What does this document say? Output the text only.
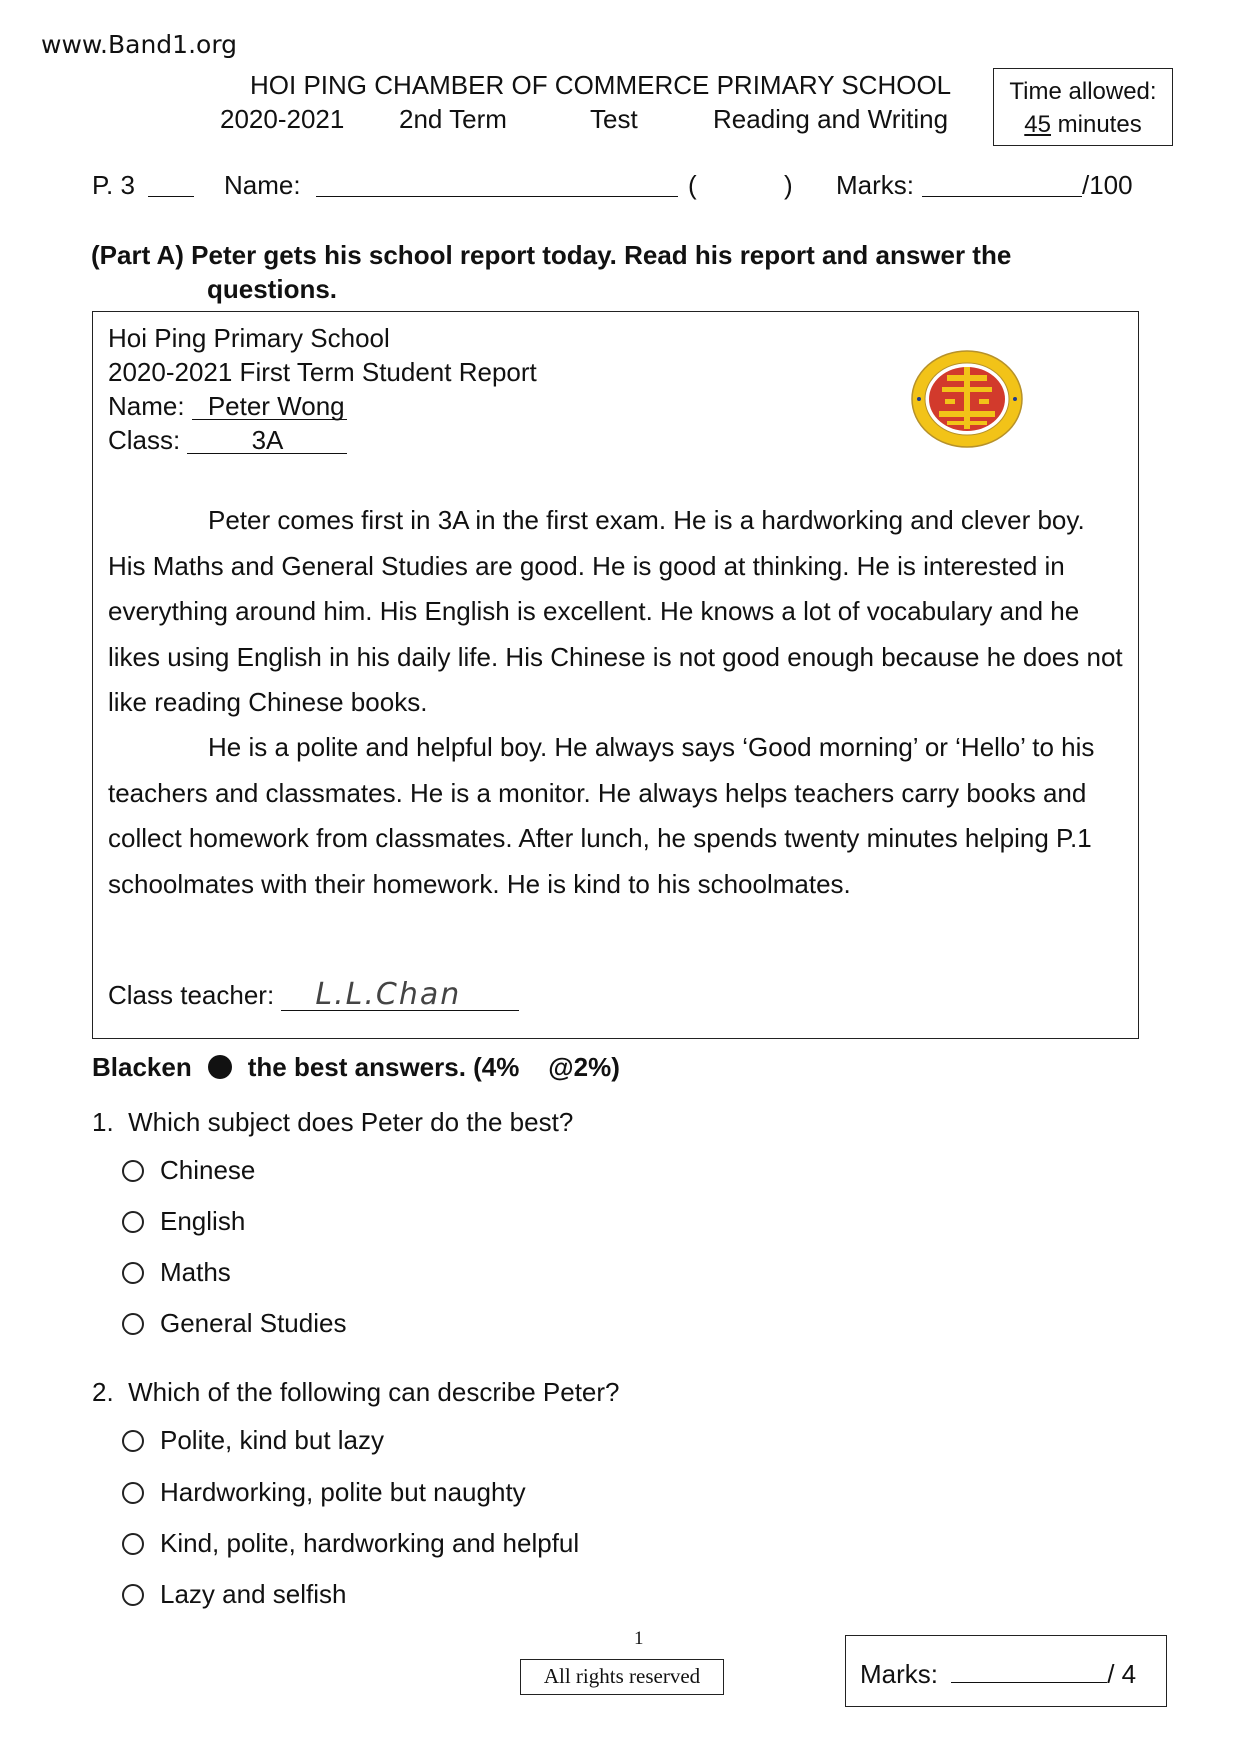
www.Band1.org
HOI PING CHAMBER OF COMMERCE PRIMARY SCHOOL
2020-2021 2nd Term	Test	Reading and Writing
Time allowed:
45 minutes
P. 3	Name:	(	) Marks:	/100
(Part A) Peter gets his school report today. Read his report and answer the
questions.
Hoi Ping Primary School
2020-2021 First Term Student Report
Name: Peter Wong
Class:	3A

Peter comes first in 3A in the first exam. He is a hardworking and clever boy. His Maths and General Studies are good. He is good at thinking. He is interested in everything around him. His English is excellent. He knows a lot of vocabulary and he likes using English in his daily life. His Chinese is not good enough because he does not like reading Chinese books.

He is a polite and helpful boy. He always says ‘Good morning’ or ‘Hello’ to his teachers and classmates. He is a monitor. He always helps teachers carry books and collect homework from classmates. After lunch, he spends twenty minutes helping P.1 schoolmates with their homework. He is kind to his schoolmates.

Class teacher: L.L.Chan
Blacken the best answers. (4% @2%)
1. Which subject does Peter do the best?
Chinese
English
Maths
General Studies
2. Which of the following can describe Peter?
Polite, kind but lazy
Hardworking, polite but naughty
Kind, polite, hardworking and helpful
Lazy and selfish
1
All rights reserved	Marks:	/ 4
